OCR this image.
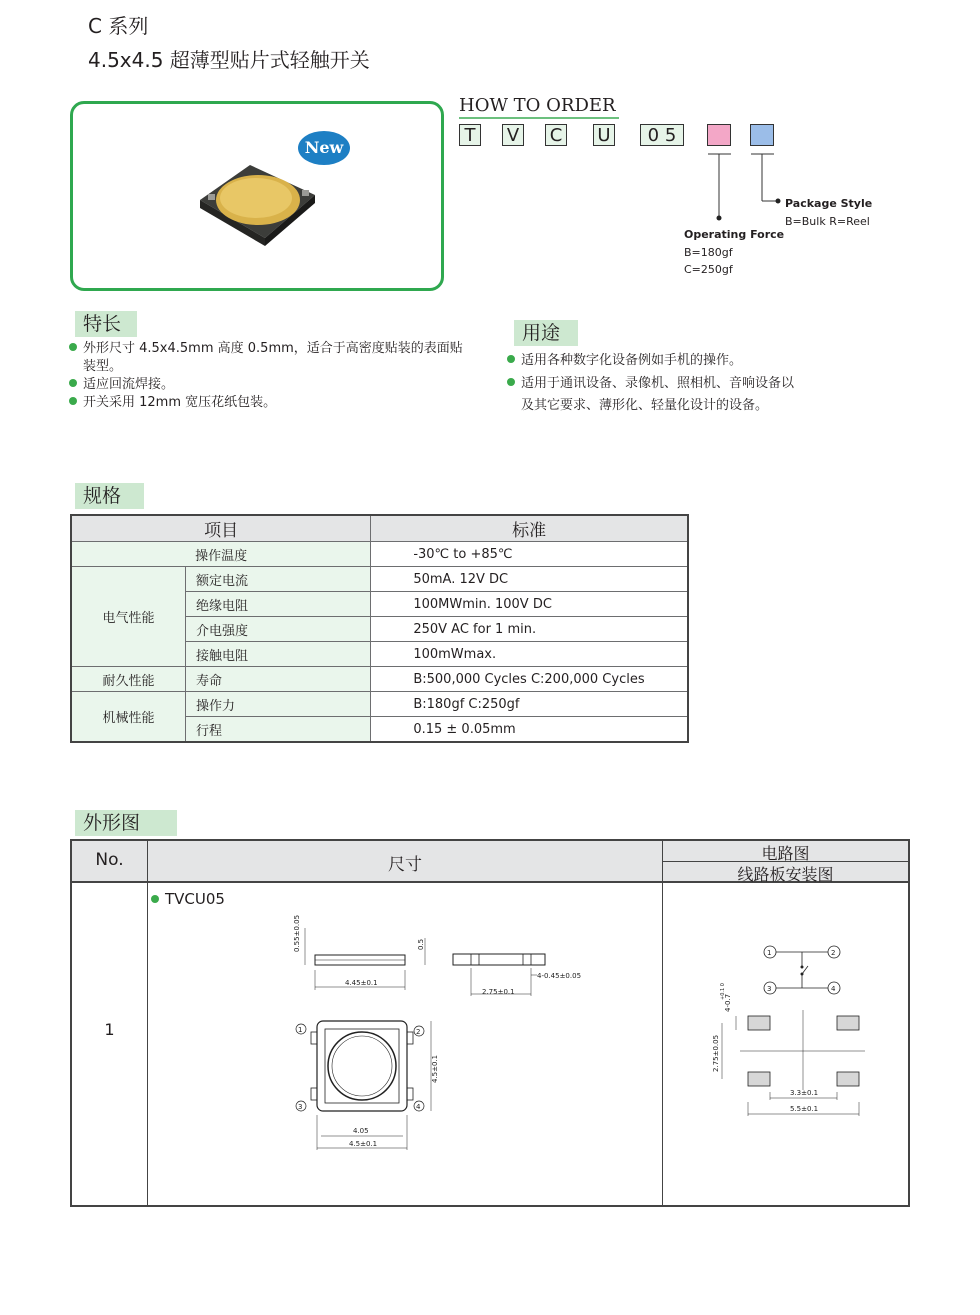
C 系列
4.5x4.5 超薄型贴片式轻触开关
New
HOW TO ORDER
T	V C U	0 5
Package Style
B=Bulk R=Reel
Operating Force
B=180gf
C=250gf
特长
外形尺寸 4.5x4.5mm 高度 0.5mm，适合于高密度贴装的表面贴
装型。
适应回流焊接。
开关采用 12mm 宽压花纸包装。
用途
适用各种数字化设备例如手机的操作。
适用于通讯设备、录像机、照相机、音响设备以
及其它要求、薄形化、轻量化设计的设备。
规格
项目		标准
操作温度		-30℃ to +85℃
电气性能	额定电流	50mA. 12V DC
	绝缘电阻	100MWmin. 100V DC
	介电强度	250V AC for 1 min.
	接触电阻	100mWmax.
耐久性能	寿命	B:500,000 Cycles C:200,000 Cycles
机械性能	操作力	B:180gf C:250gf
	行程	0.15 ± 0.05mm
外形图
No.	尺寸
电路图
线路板安装图
1
TVCU05
0.55±0.05	0.5
4.45±0.1
2.75±0.1
4-0.45±0.05
1	2
3	4
4.5±0.1
4.05
4.5±0.1
1	2
3	4
4-0.7
+0.1 0
2.75±0.05
3.3±0.1
5.5±0.1
